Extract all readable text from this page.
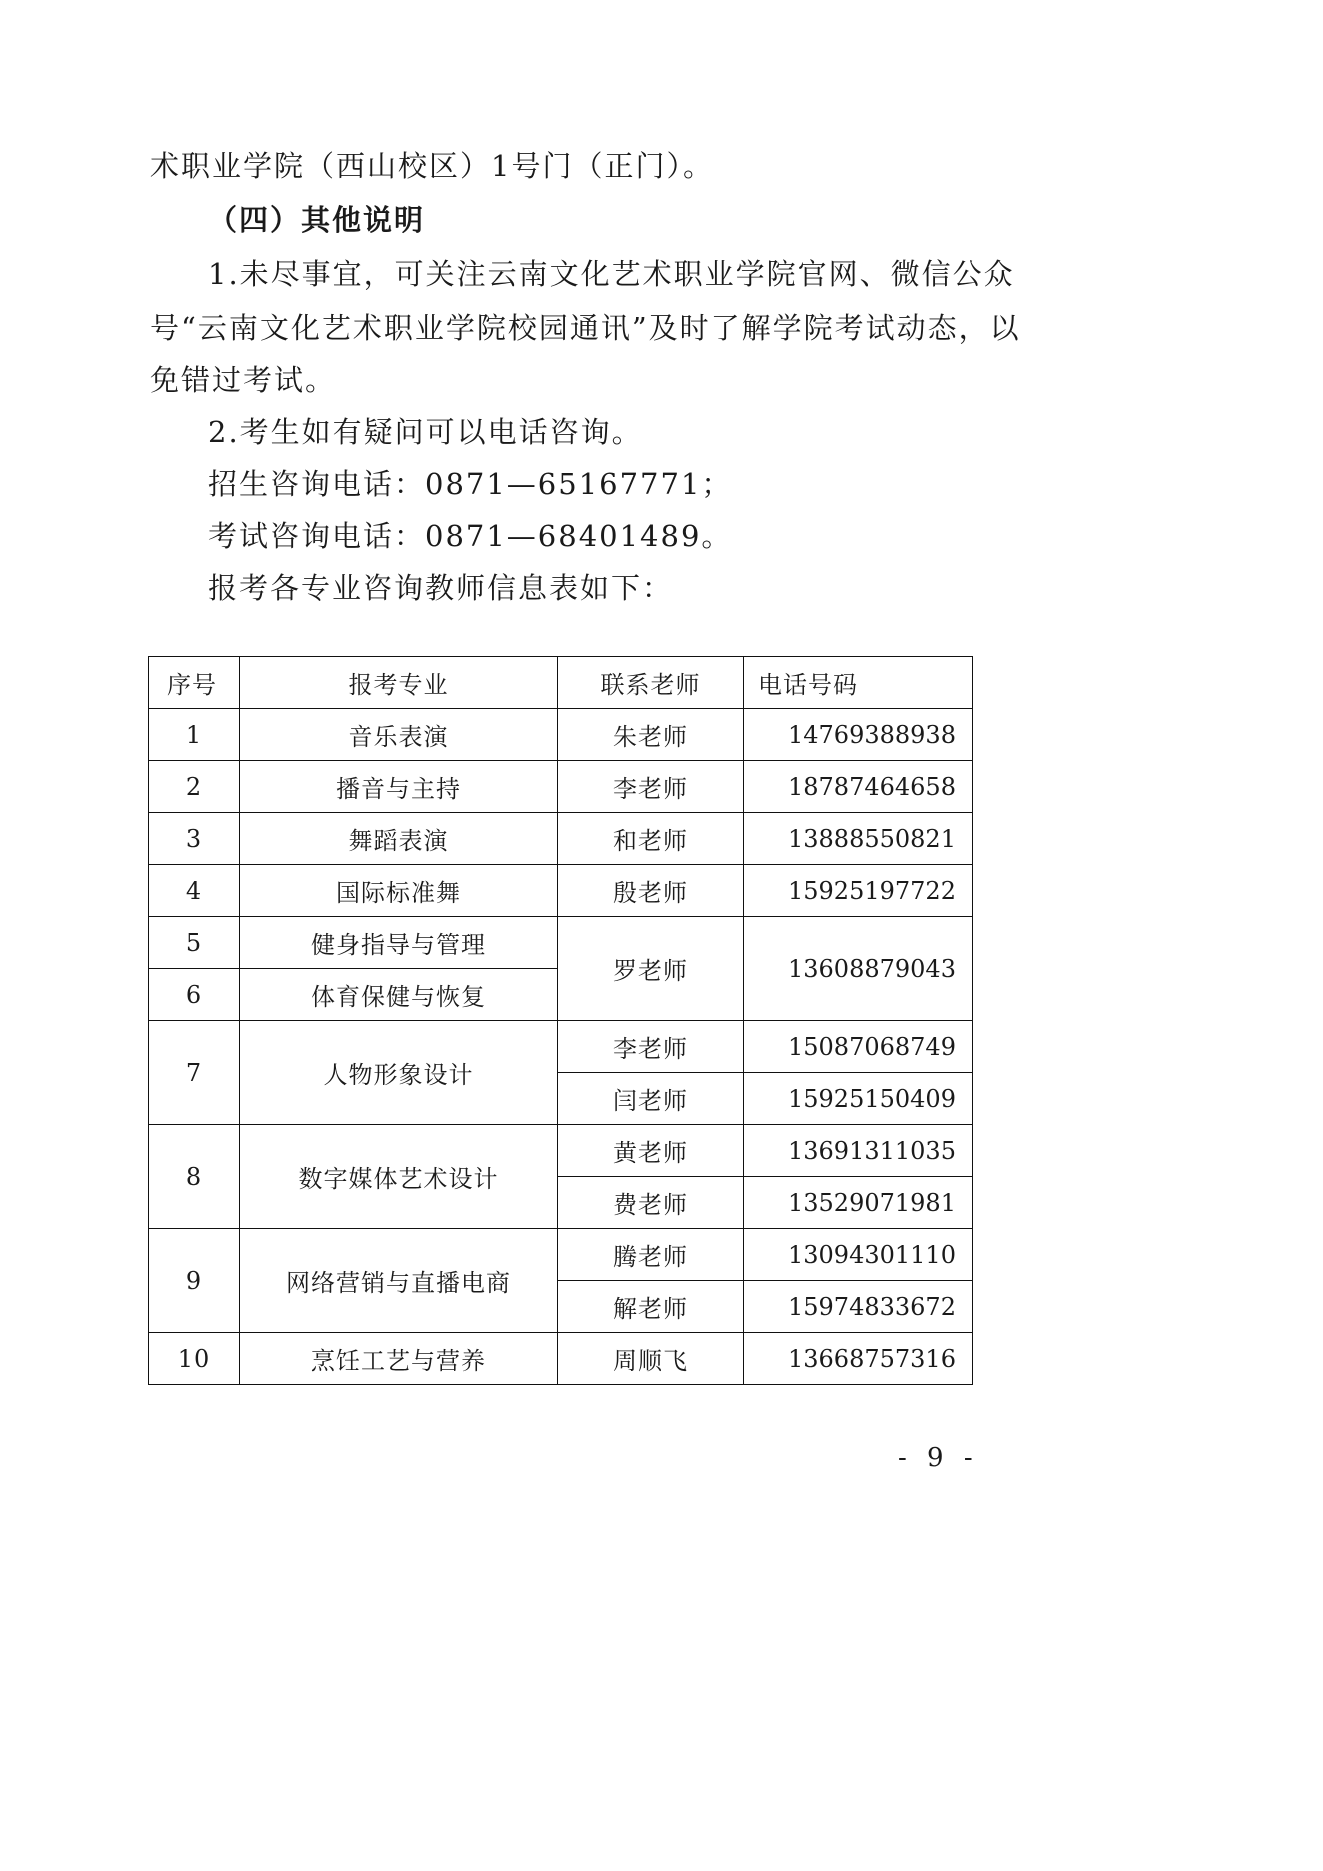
术职业学院（西山校区）1号门（正门）。
（四）其他说明
1.未尽事宜，可关注云南文化艺术职业学院官网、微信公众
号“云南文化艺术职业学院校园通讯”及时了解学院考试动态，以
免错过考试。
2.考生如有疑问可以电话咨询。
招生咨询电话：0871—65167771；
考试咨询电话：0871—68401489。
报考各专业咨询教师信息表如下：
序号	报考专业	联系老师	电话号码
1	音乐表演	朱老师	14769388938
2	播音与主持	李老师	18787464658
3	舞蹈表演	和老师	13888550821
4	国际标准舞	殷老师	15925197722
5	健身指导与管理	罗老师	13608879043
6	体育保健与恢复		
7	人物形象设计	李老师	15087068749
		闫老师	15925150409
8	数字媒体艺术设计	黄老师	13691311035
		费老师	13529071981
9	网络营销与直播电商	腾老师	13094301110
		解老师	15974833672
10	烹饪工艺与营养	周顺飞	13668757316
- 9 -
